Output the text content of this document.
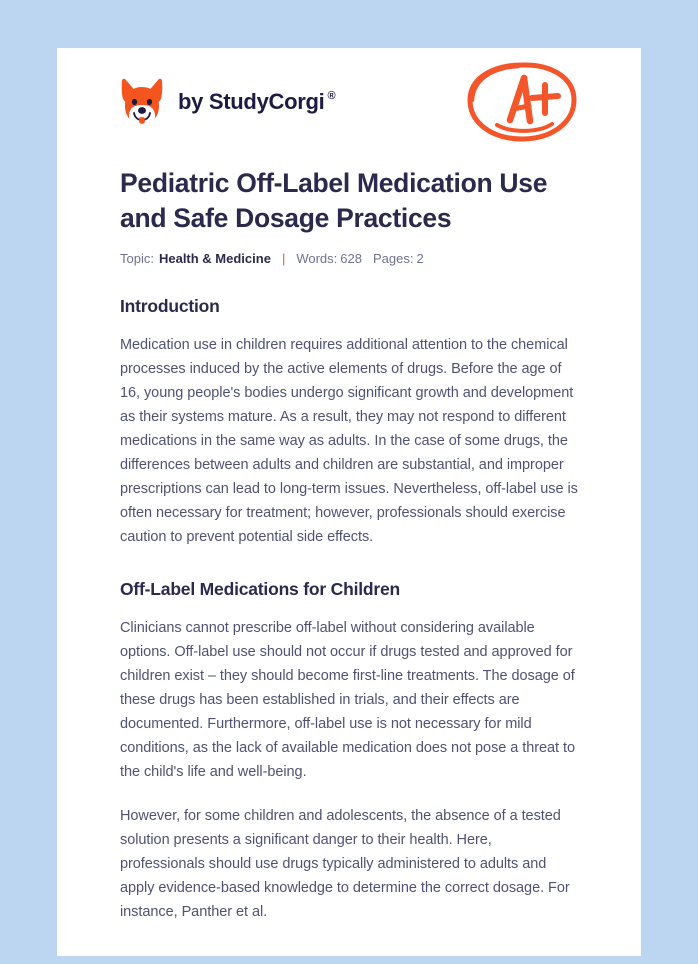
by StudyCorgi ®
Pediatric Off-Label Medication Use and Safe Dosage Practices
Topic: Health & Medicine | Words: 628 Pages: 2
Introduction

Medication use in children requires additional attention to the chemical processes induced by the active elements of drugs. Before the age of 16, young people's bodies undergo significant growth and development as their systems mature. As a result, they may not respond to different medications in the same way as adults. In the case of some drugs, the differences between adults and children are substantial, and improper prescriptions can lead to long-term issues. Nevertheless, off-label use is often necessary for treatment; however, professionals should exercise caution to prevent potential side effects.

Off-Label Medications for Children

Clinicians cannot prescribe off-label without considering available options. Off-label use should not occur if drugs tested and approved for children exist – they should become first-line treatments. The dosage of these drugs has been established in trials, and their effects are documented. Furthermore, off-label use is not necessary for mild conditions, as the lack of available medication does not pose a threat to the child's life and well-being.

However, for some children and adolescents, the absence of a tested solution presents a significant danger to their health. Here, professionals should use drugs typically administered to adults and apply evidence-based knowledge to determine the correct dosage. For instance, Panther et al.
